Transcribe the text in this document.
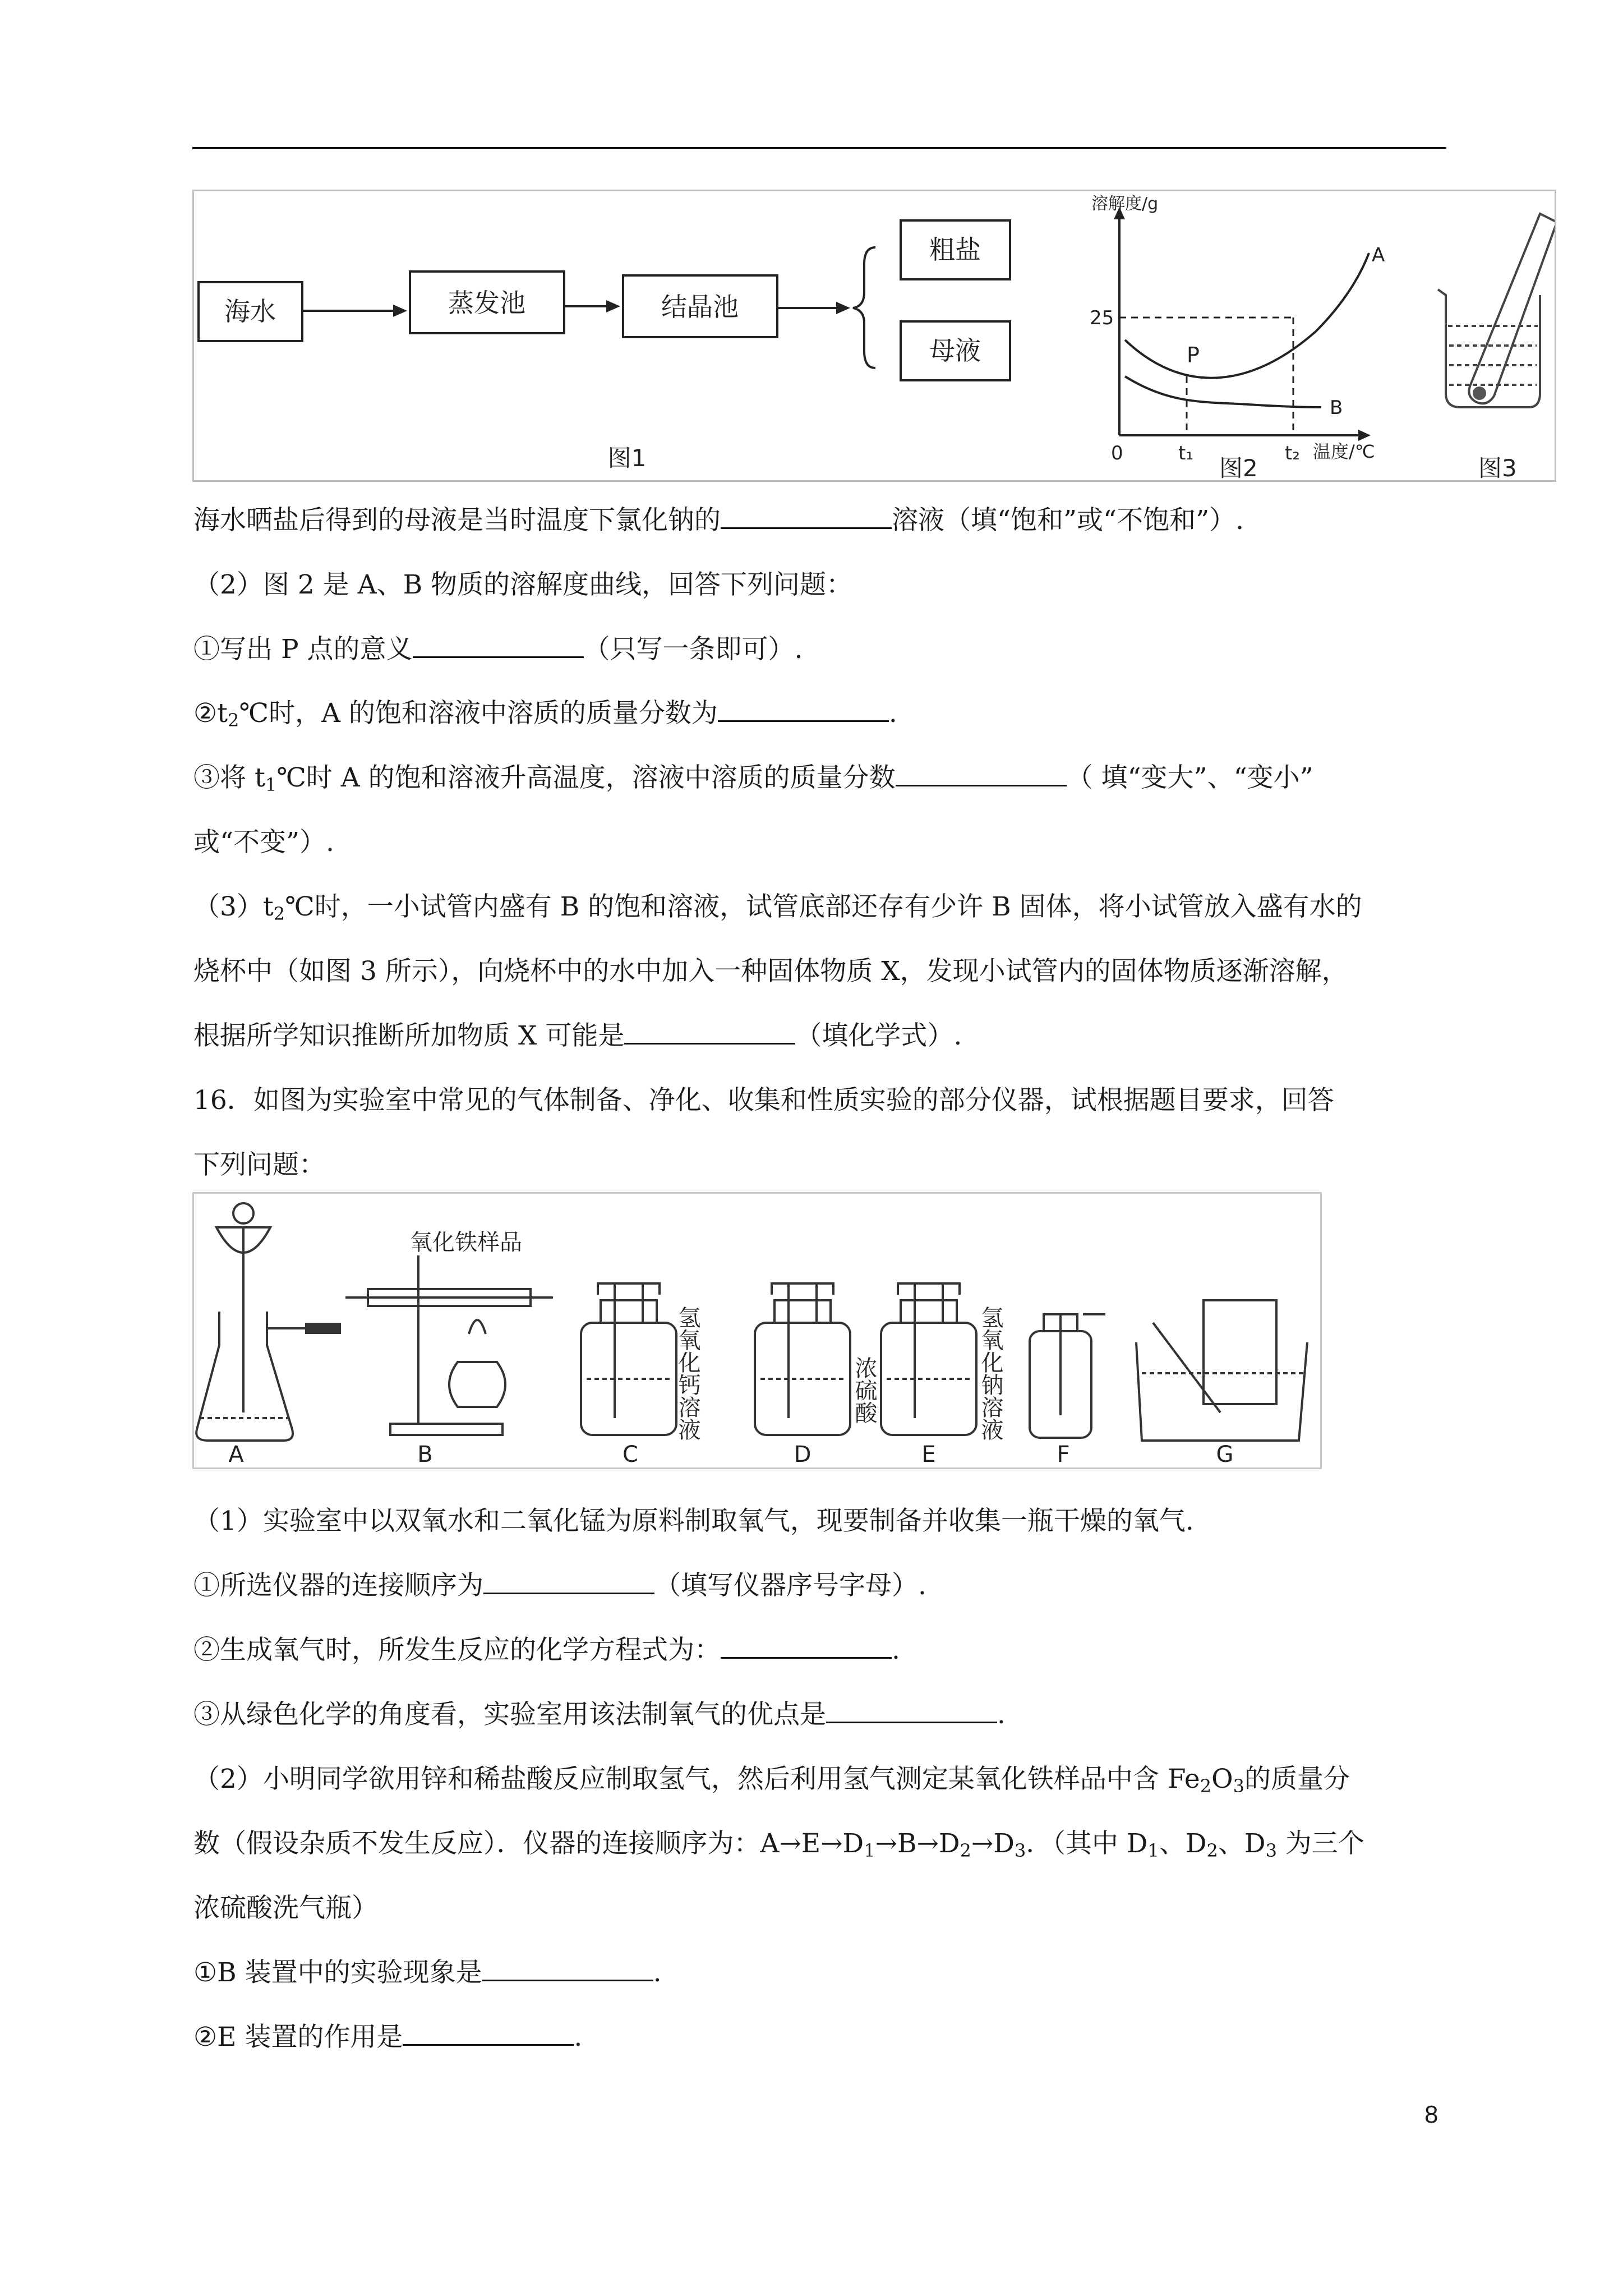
海水	蒸发池	结晶池
粗盐
母液
图1
溶解度/g
25
0	t₁	t₂ 温度/℃
P
A
B
图2	图3
海水晒盐后得到的母液是当时温度下氯化钠的	溶液（填“饱和”或“不饱和”）.
（2）图 2 是 A、B 物质的溶解度曲线，回答下列问题：
①写出 P 点的意义	（只写一条即可）.
$②t_2℃$时，A 的饱和溶液中溶质的质量分数为	.
③将 $t_1℃$时 A 的饱和溶液升高温度，溶液中溶质的质量分数	（ 填“变大”、“变小”
或“不变”）.
$(3)t_2℃$时，一小试管内盛有 B 的饱和溶液，试管底部还存有少许 B 固体，将小试管放入盛有水的
烧杯中（如图 3 所示），向烧杯中的水中加入一种固体物质 X，发现小试管内的固体物质逐渐溶解，
根据所学知识推断所加物质 X 可能是	（填化学式）.
16．如图为实验室中常见的气体制备、净化、收集和性质实验的部分仪器，试根据题目要求，回答
下列问题：
氧化铁样品
氢氧化钙溶液	浓硫酸	氢氧化钠溶液
A	B	C	D	E	F	G
（1）实验室中以双氧水和二氧化锰为原料制取氧气，现要制备并收集一瓶干燥的氧气.
①所选仪器的连接顺序为	（填写仪器序号字母）.
②生成氧气时，所发生反应的化学方程式为：	.
③从绿色化学的角度看，实验室用该法制氧气的优点是	.
（2）小明同学欲用锌和稀盐酸反应制取氢气，然后利用氢气测定某氧化铁样品中含 $Fe_2O_3$的质量分
数（假设杂质不发生反应）．仪器的连接顺序为：$A\to E\to D_1\to B\to D_2\to D_3$．（其中 $D_1$、$D_2$、$D_3$ 为三个
浓硫酸洗气瓶）
①B 装置中的实验现象是	.
②E 装置的作用是	.
8
